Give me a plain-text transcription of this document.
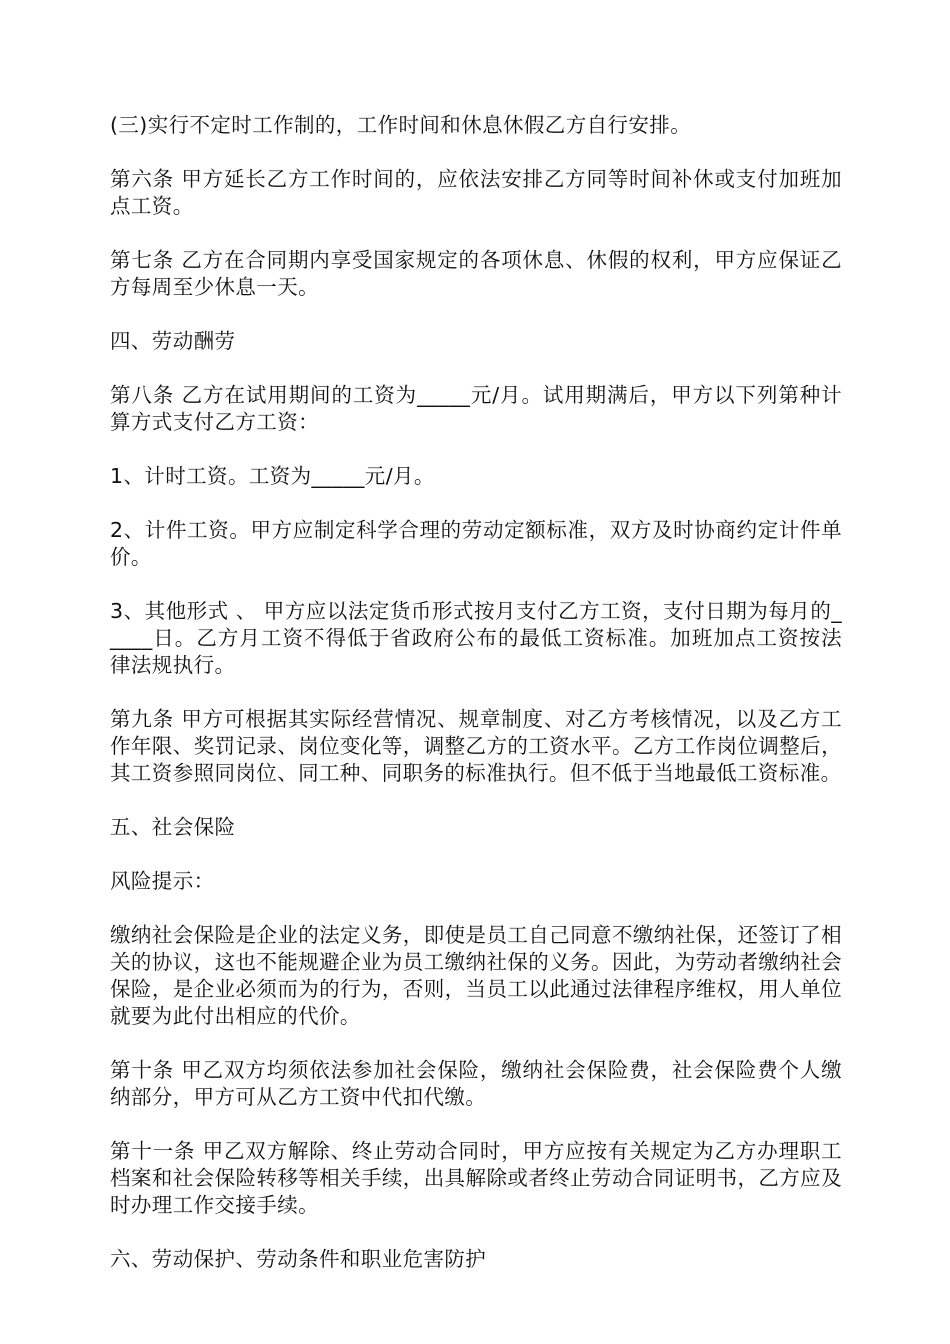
(三)实行不定时工作制的，工作时间和休息休假乙方自行安排。

第六条 甲方延长乙方工作时间的，应依法安排乙方同等时间补休或支付加班加点工资。

第七条 乙方在合同期内享受国家规定的各项休息、休假的权利，甲方应保证乙方每周至少休息一天。

四、劳动酬劳

第八条 乙方在试用期间的工资为_____元/月。试用期满后，甲方以下列第种计算方式支付乙方工资：

1、计时工资。工资为_____元/月。

2、计件工资。甲方应制定科学合理的劳动定额标准，双方及时协商约定计件单价。

3、其他形式 、 甲方应以法定货币形式按月支付乙方工资，支付日期为每月的_____日。乙方月工资不得低于省政府公布的最低工资标准。加班加点工资按法律法规执行。

第九条 甲方可根据其实际经营情况、规章制度、对乙方考核情况，以及乙方工作年限、奖罚记录、岗位变化等，调整乙方的工资水平。乙方工作岗位调整后，其工资参照同岗位、同工种、同职务的标准执行。但不低于当地最低工资标准。

五、社会保险

风险提示：

缴纳社会保险是企业的法定义务，即使是员工自己同意不缴纳社保，还签订了相关的协议，这也不能规避企业为员工缴纳社保的义务。因此，为劳动者缴纳社会保险，是企业必须而为的行为，否则，当员工以此通过法律程序维权，用人单位就要为此付出相应的代价。

第十条 甲乙双方均须依法参加社会保险，缴纳社会保险费，社会保险费个人缴纳部分，甲方可从乙方工资中代扣代缴。

第十一条 甲乙双方解除、终止劳动合同时，甲方应按有关规定为乙方办理职工档案和社会保险转移等相关手续，出具解除或者终止劳动合同证明书，乙方应及时办理工作交接手续。

六、劳动保护、劳动条件和职业危害防护
